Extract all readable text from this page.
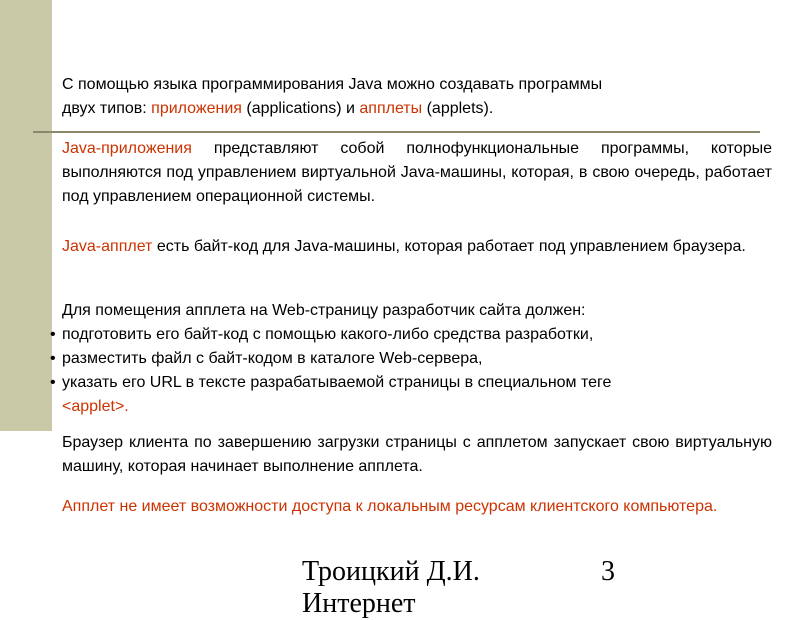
С помощью языка программирования Java можно создавать программы
двух типов: приложения (applications) и апплеты (applets).
Java-приложения представляют собой полнофункциональные программы, которые выполняются под управлением виртуальной Java-машины, которая, в свою очередь, работает под управлением операционной системы.
Java-апплет есть байт-код для Java-машины, которая работает под управлением браузера.
Для помещения апплета на Web-страницу разработчик сайта должен:
• подготовить его байт-код с помощью какого-либо средства разработки,
• разместить файл с байт-кодом в каталоге Web-сервера,
• указать его URL в тексте разрабатываемой страницы в специальном теге
<applet>.
Браузер клиента по завершению загрузки страницы с апплетом запускает свою виртуальную машину, которая начинает выполнение апплета.
Апплет не имеет возможности доступа к локальным ресурсам клиентского компьютера.
Троицкий Д.И.
Интернет
3
